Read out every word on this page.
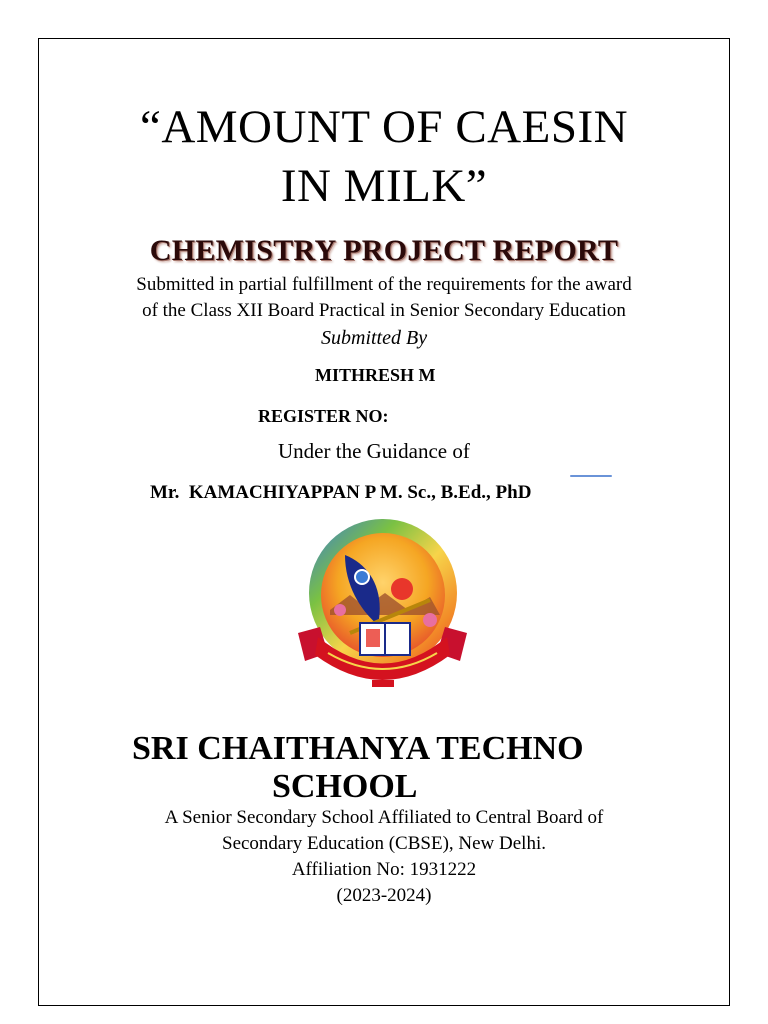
“AMOUNT OF CAESIN
IN MILK”
CHEMISTRY PROJECT REPORT
Submitted in partial fulfillment of the requirements for the award
of the Class XII Board Practical in Senior Secondary Education
Submitted By
MITHRESH M
REGISTER NO:
Under the Guidance of
Mr.  KAMACHIYAPPAN P M. Sc., B.Ed., PhD
SRI CHAITHANYA TECHNO
SCHOOL
A Senior Secondary School Affiliated to Central Board of
Secondary Education (CBSE), New Delhi.
Affiliation No: 1931222
(2023-2024)
